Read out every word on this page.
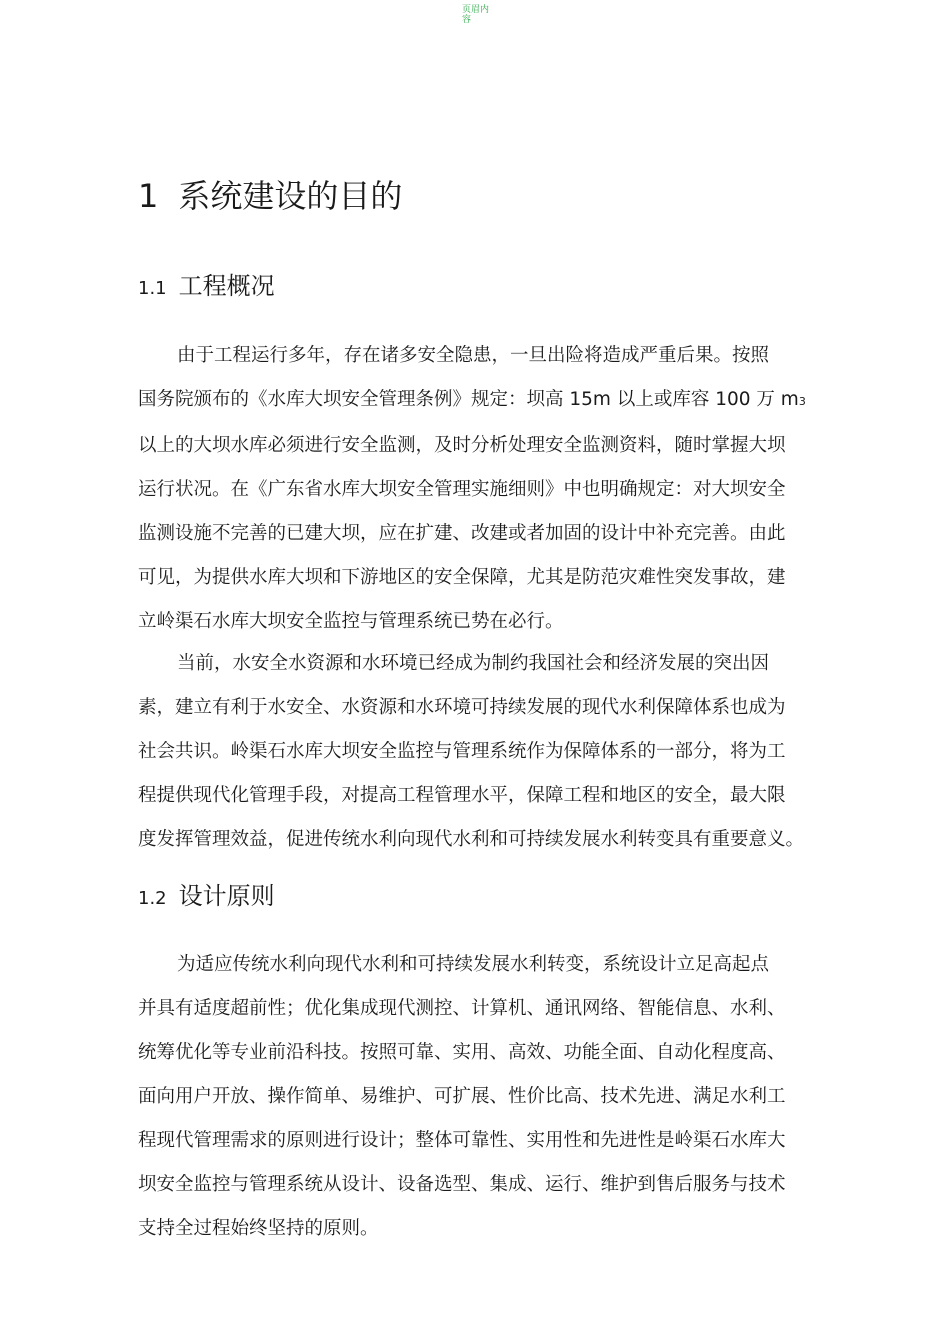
页眉内容
1 系统建设的目的
1.1 工程概况
由于工程运行多年，存在诸多安全隐患，一旦出险将造成严重后果。按照
国务院颁布的《水库大坝安全管理条例》规定：坝高 15m 以上或库容 100 万 m3
以上的大坝水库必须进行安全监测，及时分析处理安全监测资料，随时掌握大坝
运行状况。在《广东省水库大坝安全管理实施细则》中也明确规定：对大坝安全
监测设施不完善的已建大坝，应在扩建、改建或者加固的设计中补充完善。由此
可见，为提供水库大坝和下游地区的安全保障，尤其是防范灾难性突发事故，建
立岭渠石水库大坝安全监控与管理系统已势在必行。
当前，水安全水资源和水环境已经成为制约我国社会和经济发展的突出因
素，建立有利于水安全、水资源和水环境可持续发展的现代水利保障体系也成为
社会共识。岭渠石水库大坝安全监控与管理系统作为保障体系的一部分，将为工
程提供现代化管理手段，对提高工程管理水平，保障工程和地区的安全，最大限
度发挥管理效益，促进传统水利向现代水利和可持续发展水利转变具有重要意义。
1.2 设计原则
为适应传统水利向现代水利和可持续发展水利转变，系统设计立足高起点
并具有适度超前性；优化集成现代测控、计算机、通讯网络、智能信息、水利、
统筹优化等专业前沿科技。按照可靠、实用、高效、功能全面、自动化程度高、
面向用户开放、操作简单、易维护、可扩展、性价比高、技术先进、满足水利工
程现代管理需求的原则进行设计；整体可靠性、实用性和先进性是岭渠石水库大
坝安全监控与管理系统从设计、设备选型、集成、运行、维护到售后服务与技术
支持全过程始终坚持的原则。
